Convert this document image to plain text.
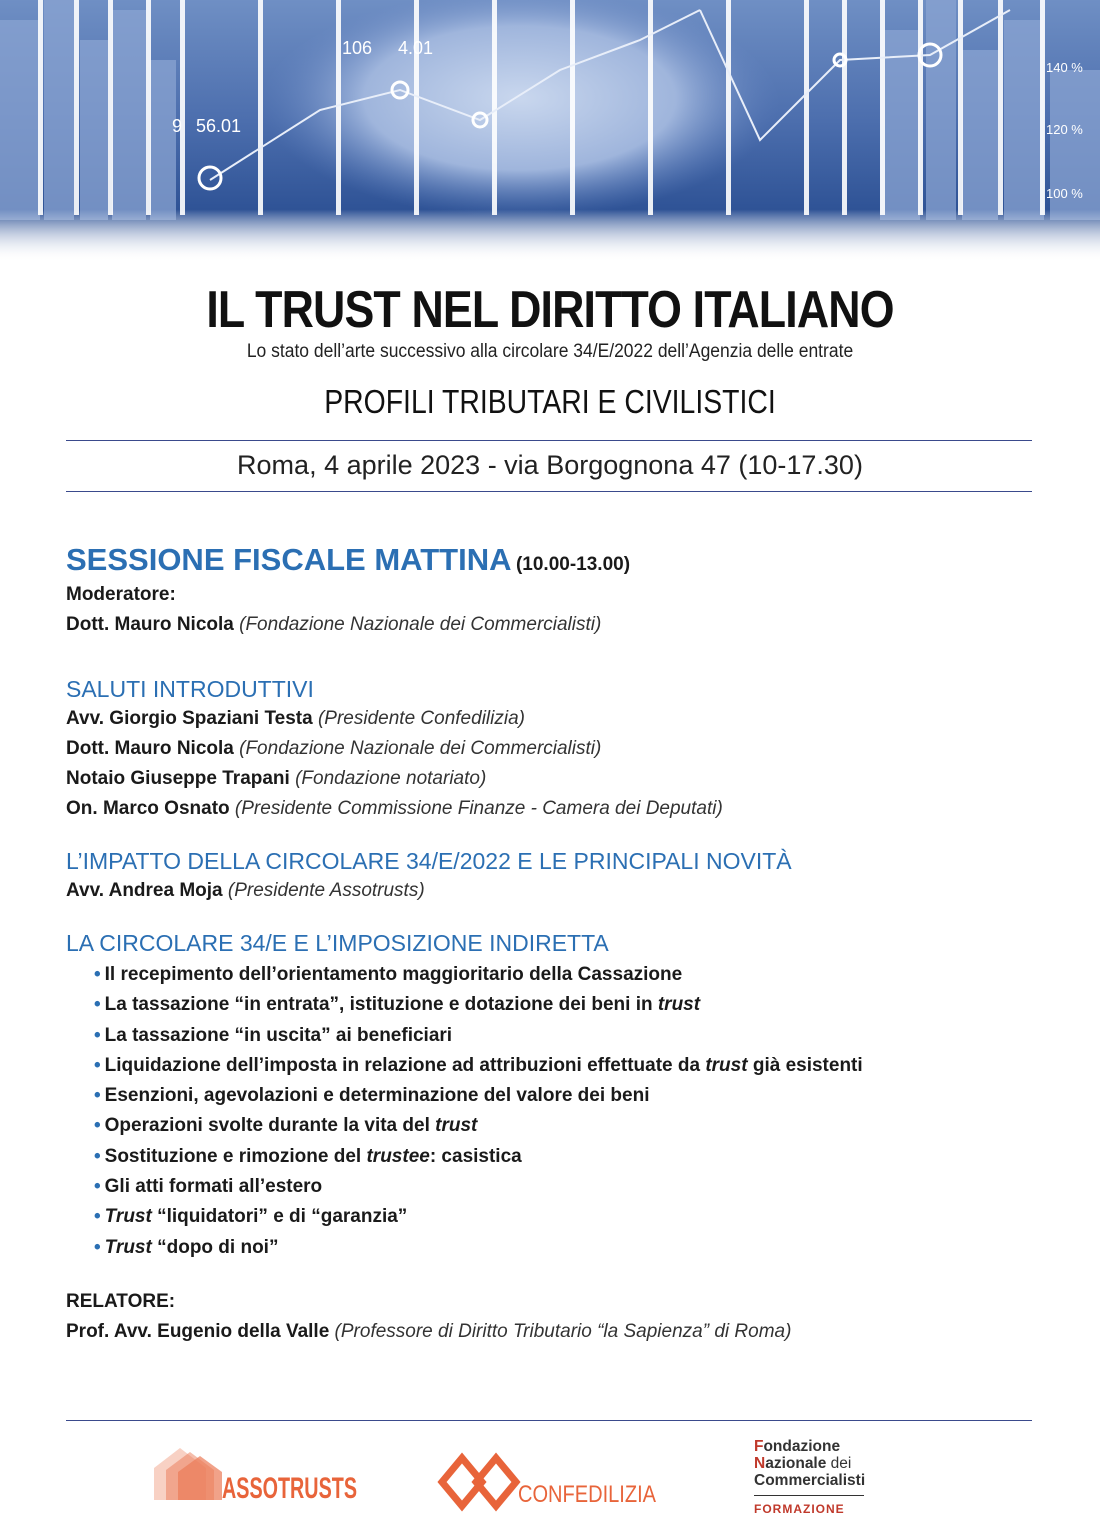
IL TRUST NEL DIRITTO ITALIANO
Lo stato dell’arte successivo alla circolare 34/E/2022 dell’Agenzia delle entrate
PROFILI TRIBUTARI E CIVILISTICI
Roma, 4 aprile 2023 - via Borgognona 47 (10-17.30)
SESSIONE FISCALE MATTINA (10.00-13.00)
Moderatore:
Dott. Mauro Nicola (Fondazione Nazionale dei Commercialisti)
SALUTI INTRODUTTIVI
Avv. Giorgio Spaziani Testa (Presidente Confedilizia)
Dott. Mauro Nicola (Fondazione Nazionale dei Commercialisti)
Notaio Giuseppe Trapani (Fondazione notariato)
On. Marco Osnato (Presidente Commissione Finanze - Camera dei Deputati)
L’IMPATTO DELLA CIRCOLARE 34/E/2022 E LE PRINCIPALI NOVITÀ
Avv. Andrea Moja (Presidente Assotrusts)
LA CIRCOLARE 34/E E L’IMPOSIZIONE INDIRETTA
• Il recepimento dell’orientamento maggioritario della Cassazione
• La tassazione “in entrata”, istituzione e dotazione dei beni in trust
• La tassazione “in uscita” ai beneficiari
• Liquidazione dell’imposta in relazione ad attribuzioni effettuate da trust già esistenti
• Esenzioni, agevolazioni e determinazione del valore dei beni
• Operazioni svolte durante la vita del trust
• Sostituzione e rimozione del trustee: casistica
• Gli atti formati all’estero
• Trust “liquidatori” e di “garanzia”
• Trust “dopo di noi”
RELATORE:
Prof. Avv. Eugenio della Valle (Professore di Diritto Tributario “la Sapienza” di Roma)
ASSOTRUSTS	CONFEDILIZIA
Fondazione
Nazionale dei
Commercialisti
FORMAZIONE
